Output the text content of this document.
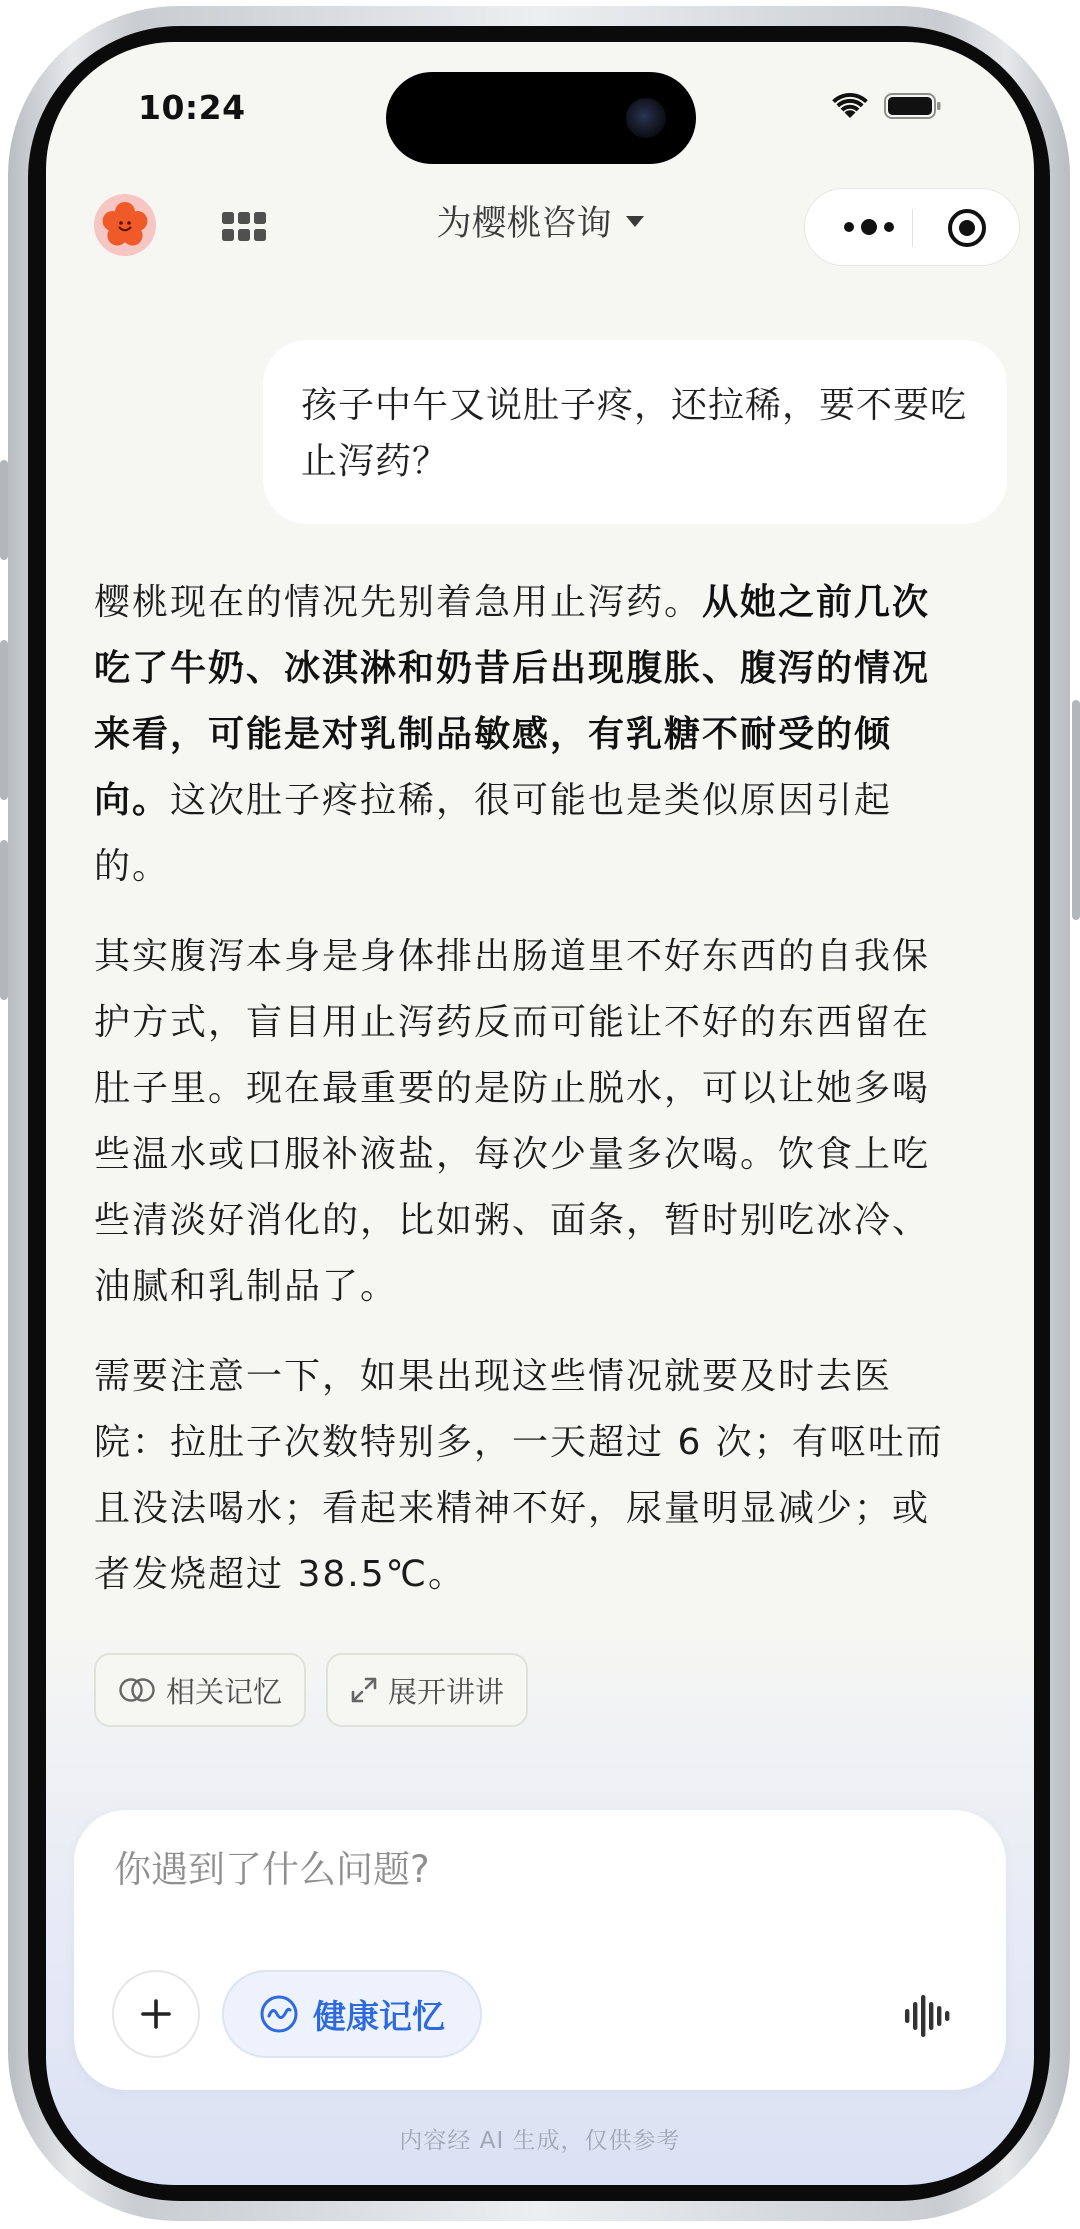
10:24
为樱桃咨询
孩子中午又说肚子疼，还拉稀，要不要吃止泻药？

樱桃现在的情况先别着急用止泻药。从她之前几次吃了牛奶、冰淇淋和奶昔后出现腹胀、腹泻的情况来看，可能是对乳制品敏感，有乳糖不耐受的倾向。这次肚子疼拉稀，很可能也是类似原因引起的。

其实腹泻本身是身体排出肠道里不好东西的自我保护方式，盲目用止泻药反而可能让不好的东西留在肚子里。现在最重要的是防止脱水，可以让她多喝些温水或口服补液盐，每次少量多次喝。饮食上吃些清淡好消化的，比如粥、面条，暂时别吃冰冷、油腻和乳制品了。

需要注意一下，如果出现这些情况就要及时去医院：拉肚子次数特别多，一天超过 6 次；有呕吐而且没法喝水；看起来精神不好，尿量明显减少；或者发烧超过 38.5℃。

相关记忆	展开讲讲
你遇到了什么问题?
健康记忆
内容经 AI 生成，仅供参考
